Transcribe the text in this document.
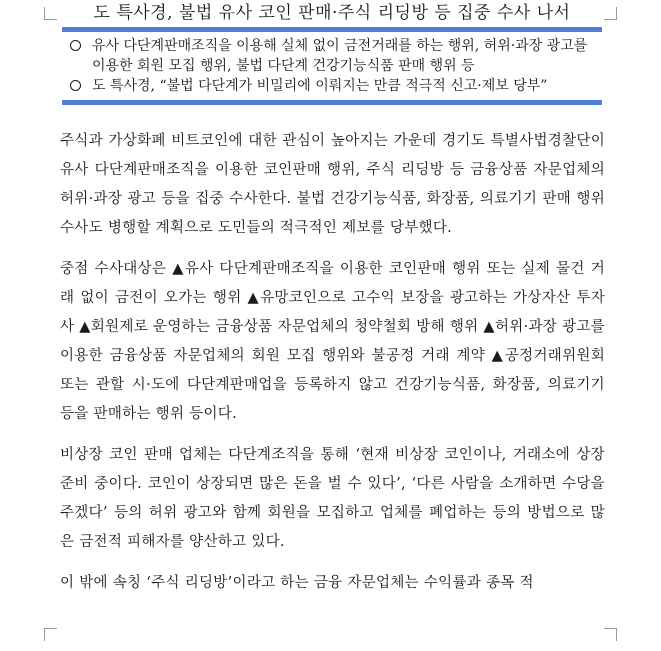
도 특사경, 불법 유사 코인 판매·주식 리딩방 등 집중 수사 나서
유사 다단계판매조직을 이용해 실체 없이 금전거래를 하는 행위, 허위·과장 광고를 이용한 회원 모집 행위, 불법 다단계 건강기능식품 판매 행위 등
도 특사경, “불법 다단계가 비밀리에 이뤄지는 만큼 적극적 신고·제보 당부”

주식과 가상화폐 비트코인에 대한 관심이 높아지는 가운데 경기도 특별사법경찰단이 유사 다단계판매조직을 이용한 코인판매 행위, 주식 리딩방 등 금융상품 자문업체의 허위·과장 광고 등을 집중 수사한다. 불법 건강기능식품, 화장품, 의료기기 판매 행위 수사도 병행할 계획으로 도민들의 적극적인 제보를 당부했다.

중점 수사대상은 ▲유사 다단계판매조직을 이용한 코인판매 행위 또는 실제 물건 거래 없이 금전이 오가는 행위 ▲유망코인으로 고수익 보장을 광고하는 가상자산 투자사 ▲회원제로 운영하는 금융상품 자문업체의 청약철회 방해 행위 ▲허위·과장 광고를 이용한 금융상품 자문업체의 회원 모집 행위와 불공정 거래 계약 ▲공정거래위원회 또는 관할 시·도에 다단계판매업을 등록하지 않고 건강기능식품, 화장품, 의료기기 등을 판매하는 행위 등이다.

비상장 코인 판매 업체는 다단계조직을 통해 ‘현재 비상장 코인이나, 거래소에 상장 준비 중이다. 코인이 상장되면 많은 돈을 벌 수 있다’, ‘다른 사람을 소개하면 수당을 주겠다’ 등의 허위 광고와 함께 회원을 모집하고 업체를 폐업하는 등의 방법으로 많은 금전적 피해자를 양산하고 있다.

이 밖에 속칭 ‘주식 리딩방’이라고 하는 금융 자문업체는 수익률과 종목 적
